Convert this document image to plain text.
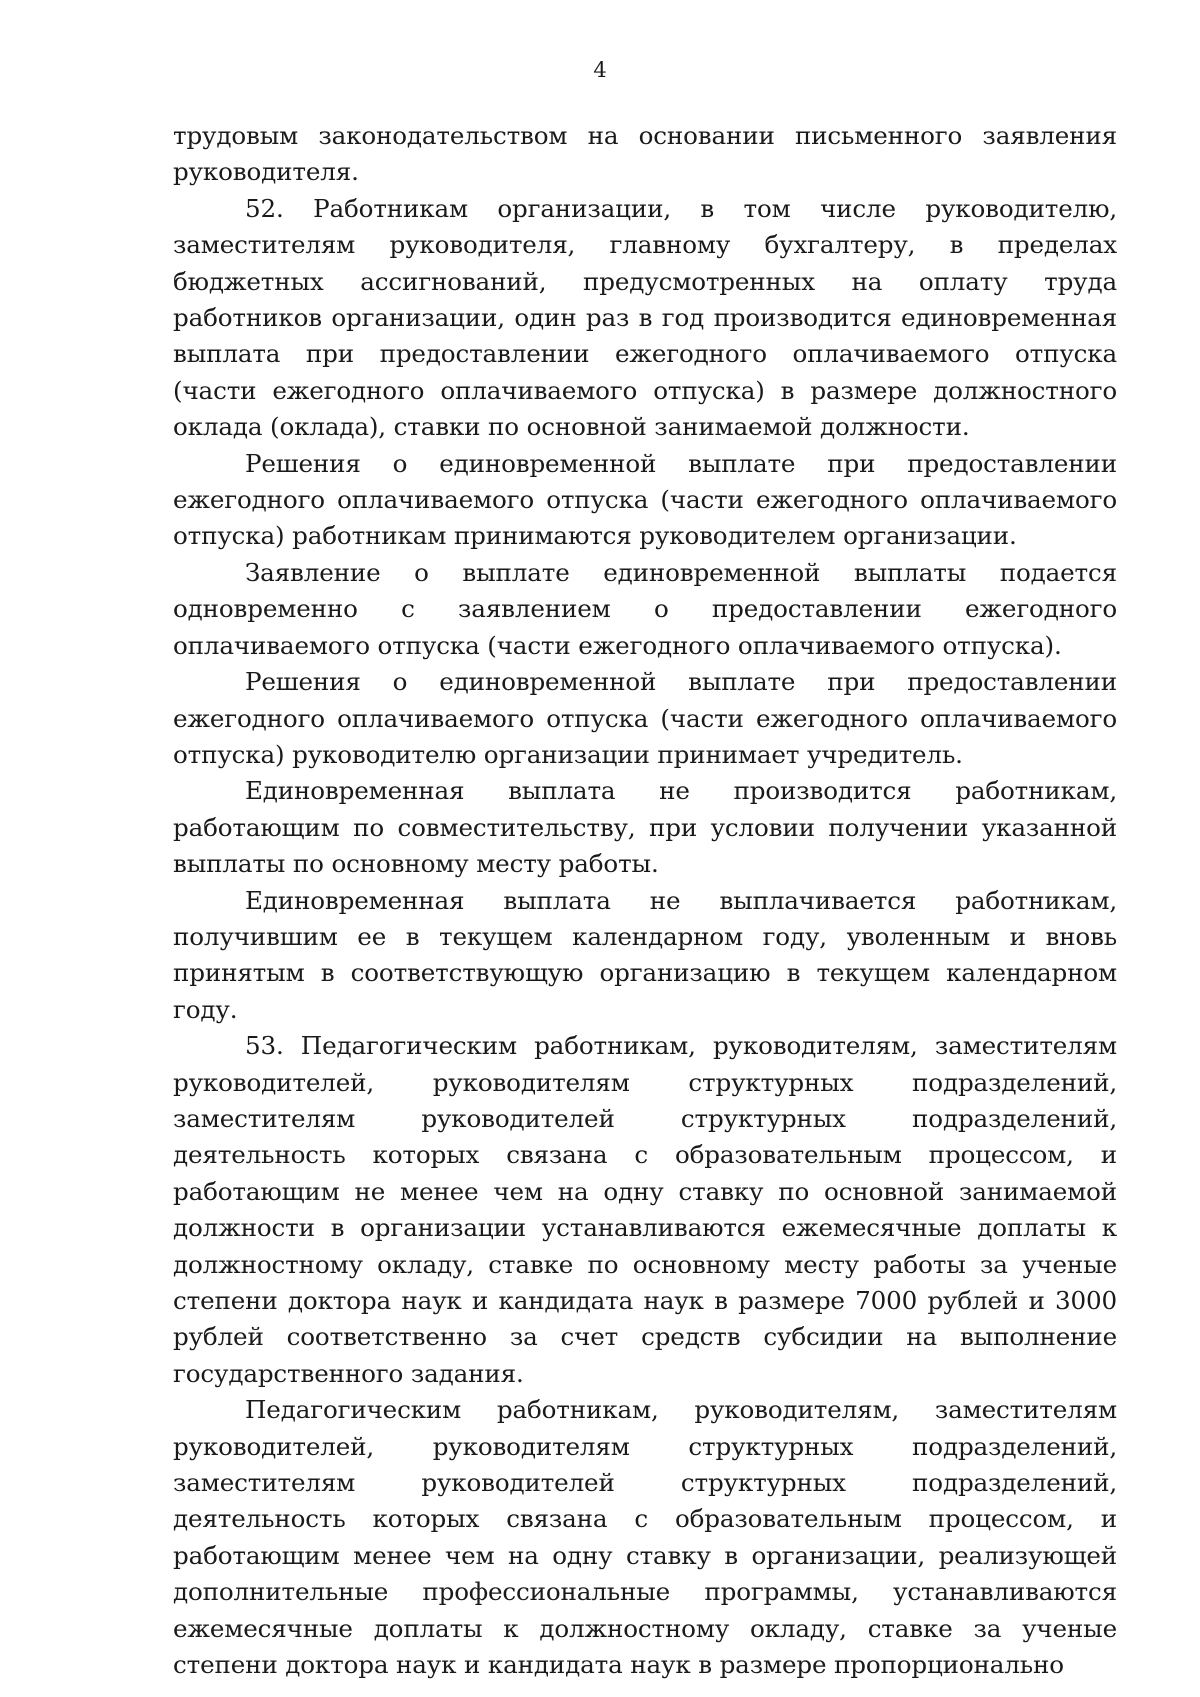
4

трудовым законодательством на основании письменного заявления руководителя.

52. Работникам организации, в том числе руководителю, заместителям руководителя, главному бухгалтеру, в пределах бюджетных ассигнований, предусмотренных на оплату труда работников организации, один раз в год производится единовременная выплата при предоставлении ежегодного оплачиваемого отпуска (части ежегодного оплачиваемого отпуска) в размере должностного оклада (оклада), ставки по основной занимаемой должности.

Решения о единовременной выплате при предоставлении ежегодного оплачиваемого отпуска (части ежегодного оплачиваемого отпуска) работникам принимаются руководителем организации.

Заявление о выплате единовременной выплаты подается одновременно с заявлением о предоставлении ежегодного оплачиваемого отпуска (части ежегодного оплачиваемого отпуска).

Решения о единовременной выплате при предоставлении ежегодного оплачиваемого отпуска (части ежегодного оплачиваемого отпуска) руководителю организации принимает учредитель.

Единовременная выплата не производится работникам, работающим по совместительству, при условии получении указанной выплаты по основному месту работы.

Единовременная выплата не выплачивается работникам, получившим ее в текущем календарном году, уволенным и вновь принятым в соответствующую организацию в текущем календарном году.

53. Педагогическим работникам, руководителям, заместителям руководителей, руководителям структурных подразделений, заместителям руководителей структурных подразделений, деятельность которых связана с образовательным процессом, и работающим не менее чем на одну ставку по основной занимаемой должности в организации устанавливаются ежемесячные доплаты к должностному окладу, ставке по основному месту работы за ученые степени доктора наук и кандидата наук в размере 7000 рублей и 3000 рублей соответственно за счет средств субсидии на выполнение государственного задания.

Педагогическим работникам, руководителям, заместителям руководителей, руководителям структурных подразделений, заместителям руководителей структурных подразделений, деятельность которых связана с образовательным процессом, и работающим менее чем на одну ставку в организации, реализующей дополнительные профессиональные программы, устанавливаются ежемесячные доплаты к должностному окладу, ставке за ученые степени доктора наук и кандидата наук в размере пропорционально
